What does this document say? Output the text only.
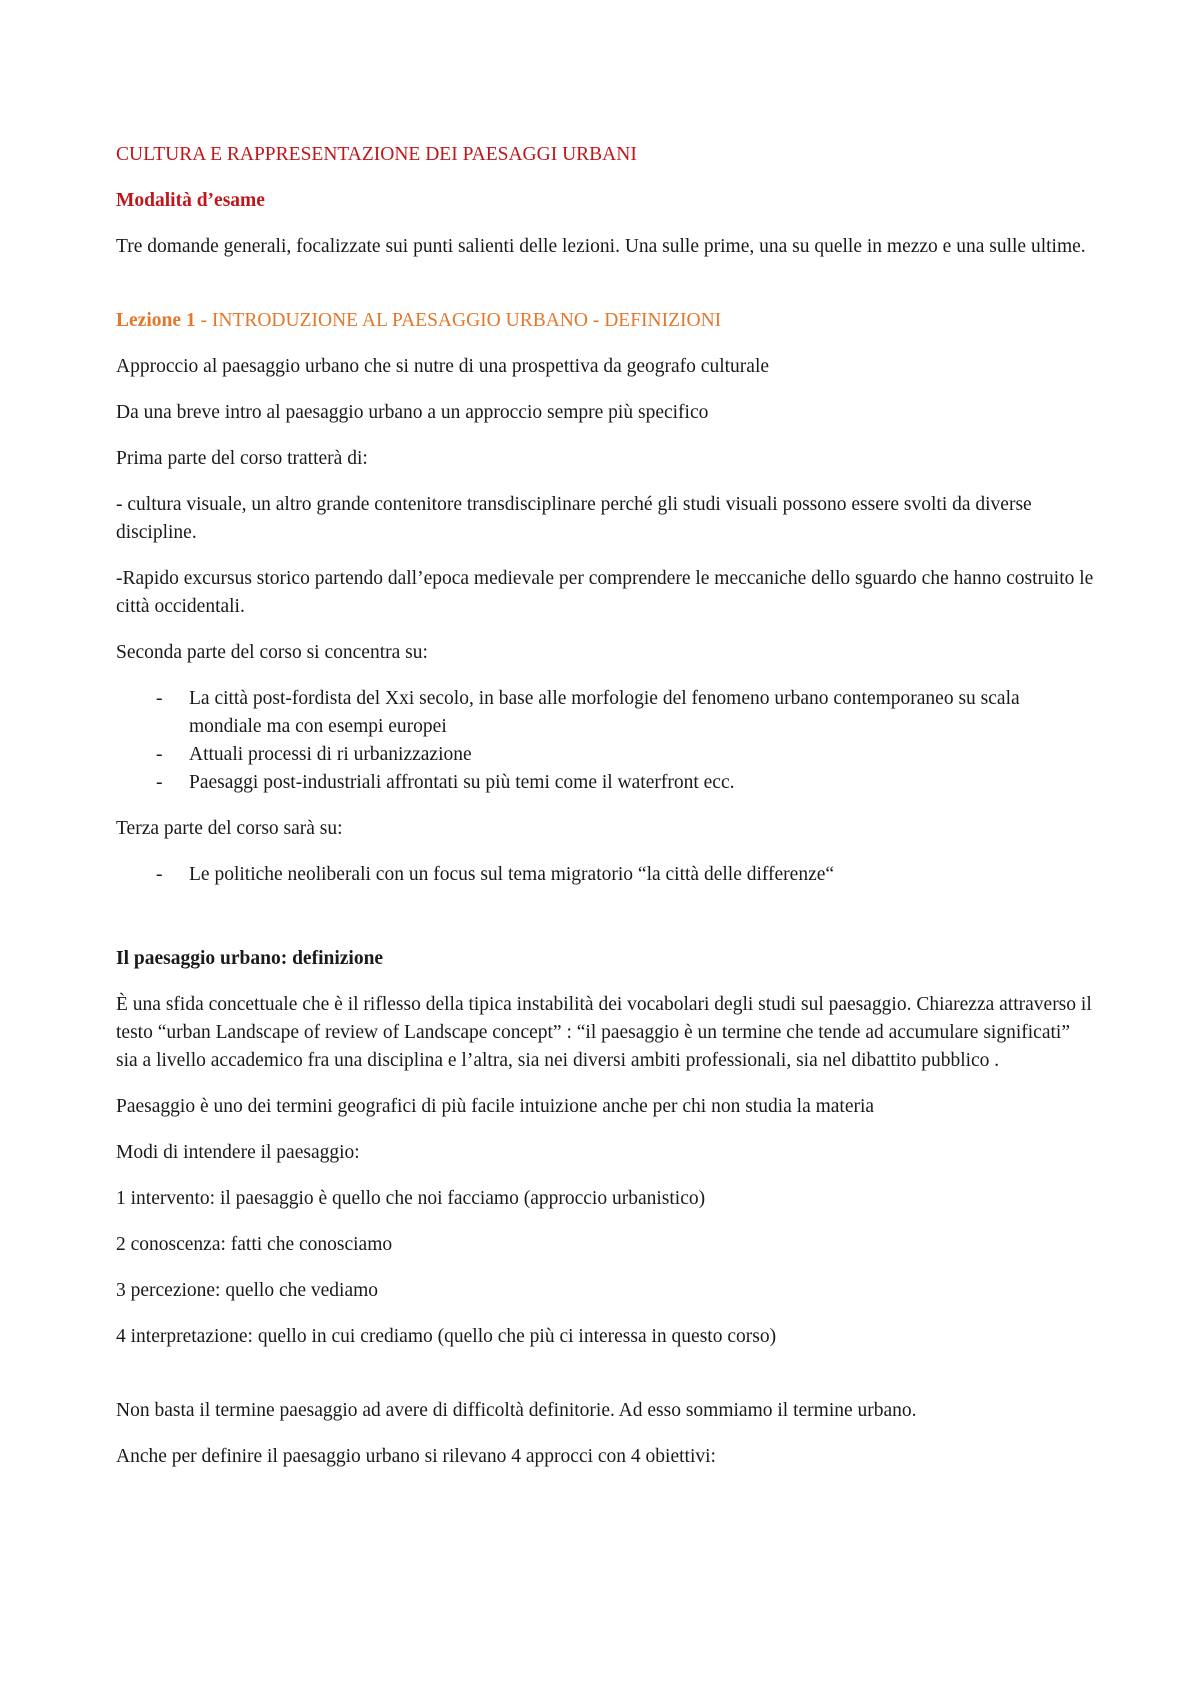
CULTURA E RAPPRESENTAZIONE DEI PAESAGGI URBANI

Modalità d’esame

Tre domande generali, focalizzate sui punti salienti delle lezioni. Una sulle prime, una su quelle in mezzo e una sulle ultime.

Lezione 1 - INTRODUZIONE AL PAESAGGIO URBANO - DEFINIZIONI

Approccio al paesaggio urbano che si nutre di una prospettiva da geografo culturale

Da una breve intro al paesaggio urbano a un approccio sempre più specifico

Prima parte del corso tratterà di:

- cultura visuale, un altro grande contenitore transdisciplinare perché gli studi visuali possono essere svolti da diverse discipline.

-Rapido excursus storico partendo dall’epoca medievale per comprendere le meccaniche dello sguardo che hanno costruito le città occidentali.

Seconda parte del corso si concentra su:

- La città post-fordista del Xxi secolo, in base alle morfologie del fenomeno urbano contemporaneo su scala mondiale ma con esempi europei
- Attuali processi di ri urbanizzazione
- Paesaggi post-industriali affrontati su più temi come il waterfront ecc.

Terza parte del corso sarà su:

- Le politiche neoliberali con un focus sul tema migratorio “la città delle differenze“

Il paesaggio urbano: definizione

È una sfida concettuale che è il riflesso della tipica instabilità dei vocabolari degli studi sul paesaggio. Chiarezza attraverso il testo “urban Landscape of review of Landscape concept” : “il paesaggio è un termine che tende ad accumulare significati” sia a livello accademico fra una disciplina e l’altra, sia nei diversi ambiti professionali, sia nel dibattito pubblico .

Paesaggio è uno dei termini geografici di più facile intuizione anche per chi non studia la materia

Modi di intendere il paesaggio:

1 intervento: il paesaggio è quello che noi facciamo (approccio urbanistico)

2 conoscenza: fatti che conosciamo

3 percezione: quello che vediamo

4 interpretazione: quello in cui crediamo (quello che più ci interessa in questo corso)

Non basta il termine paesaggio ad avere di difficoltà definitorie. Ad esso sommiamo il termine urbano.

Anche per definire il paesaggio urbano si rilevano 4 approcci con 4 obiettivi:
